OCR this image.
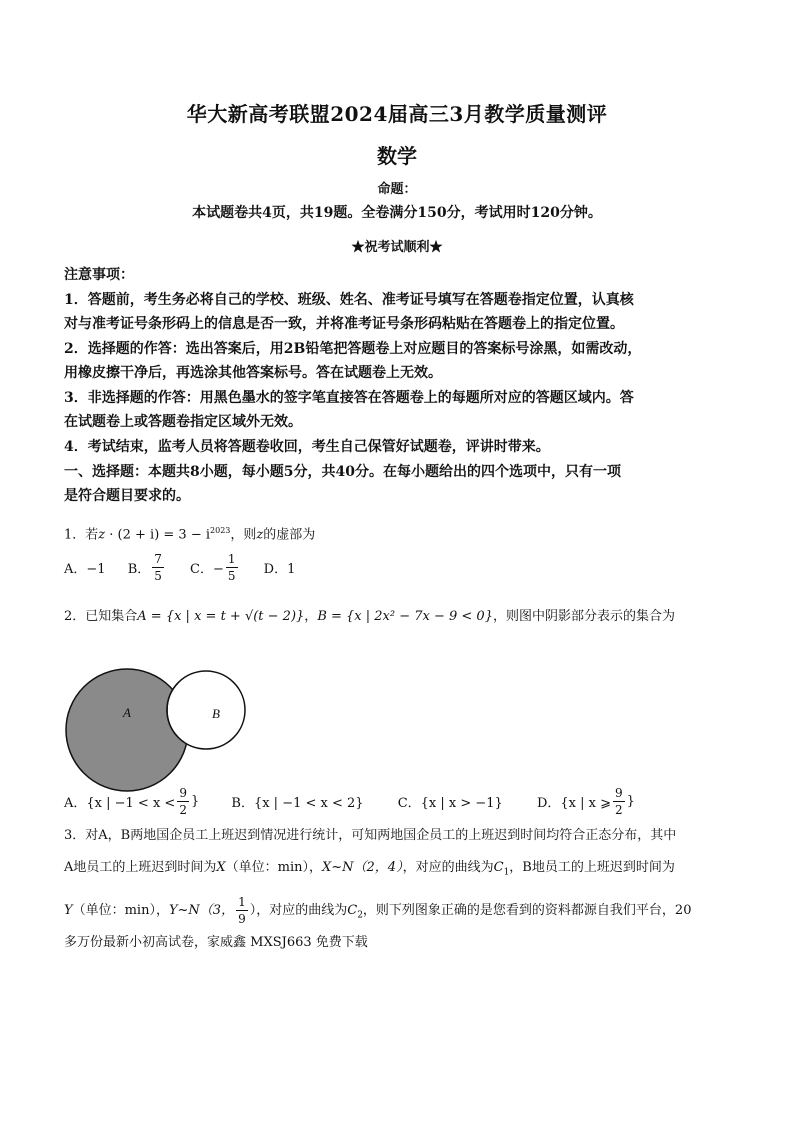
华大新高考联盟2024届高三3月教学质量测评
数学
命题：
本试题卷共4页，共19题。全卷满分150分，考试用时120分钟。
★祝考试顺利★
注意事项：
1．答题前，考生务必将自己的学校、班级、姓名、准考证号填写在答题卷指定位置，认真核
对与准考证号条形码上的信息是否一致，并将准考证号条形码粘贴在答题卷上的指定位置。
2．选择题的作答：选出答案后，用2B铅笔把答题卷上对应题目的答案标号涂黑，如需改动，
用橡皮擦干净后，再选涂其他答案标号。答在试题卷上无效。
3．非选择题的作答：用黑色墨水的签字笔直接答在答题卷上的每题所对应的答题区域内。答
在试题卷上或答题卷指定区域外无效。
4．考试结束，监考人员将答题卷收回，考生自己保管好试题卷，评讲时带来。
一、选择题：本题共8小题，每小题5分，共40分。在每小题给出的四个选项中，只有一项
是符合题目要求的。
1．若$z \cdot (2 + i) = 3 - i^{2023}$，则z的虚部为
A．−1 B． $\frac{7}{5}$ C．− $\frac{1}{5}$ D．1
2．已知集合A = {x | x = t + √(t − 2)}，B = {x | 2x² − 7x − 9 < 0}，则图中阴影部分表示的集合为
A	B
A．{x | $-1 < x < \frac{9}{2}$ } B．{x | −1 < x < 2}	C．{x | x > −1}	D．{x | x ⩾ $\frac{9}{2}$ }
3．对A，B两地国企员工上班迟到情况进行统计，可知两地国企员工的上班迟到时间均符合正态分布，其中
A地员工的上班迟到时间为X（单位：min），X~N（2，4），对应的曲线为$C_1$，B地员工的上班迟到时间为
Y（单位：min），Y~N（3， $\frac{1}{9}$ ），对应的曲线为$C_2$，则下列图象正确的是您看到的资料都源自我们平台，20
多万份最新小初高试卷，家威鑫 MXSJ663 免费下载
